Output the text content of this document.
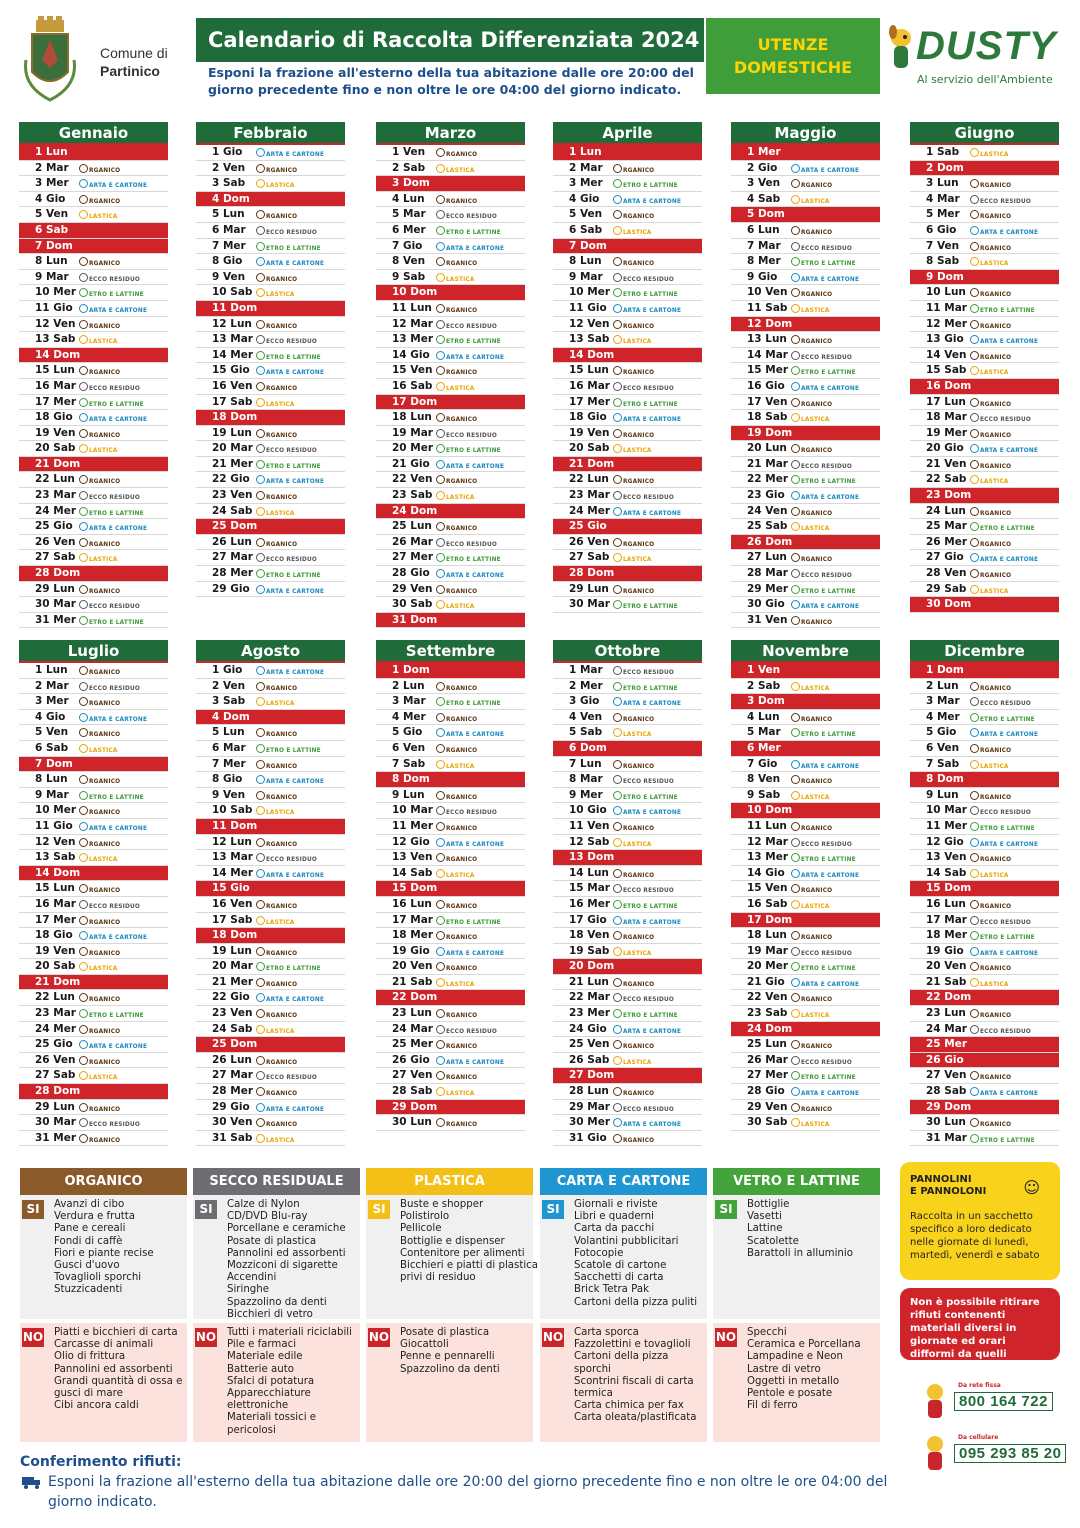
Comune di
Partinico
Calendario di Raccolta Differenziata 2024
Esponi la frazione all'esterno della tua abitazione dalle ore 20:00 del giorno precedente fino e non oltre le ore 04:00 del giorno indicato.
UTENZE DOMESTICHE	DUSTY
Al servizio dell'Ambiente
Gennaio
1 Lun
2 Mar	RGANICO
3 Mer	ARTA E CARTONE
4 Gio	RGANICO
5 Ven	LASTICA
6 Sab
7 Dom
8 Lun	RGANICO
9 Mar	ECCO RESIDUO
10 Mer	ETRO E LATTINE
11 Gio	ARTA E CARTONE
12 Ven	RGANICO
13 Sab	LASTICA
14 Dom
15 Lun	RGANICO
16 Mar	ECCO RESIDUO
17 Mer	ETRO E LATTINE
18 Gio	ARTA E CARTONE
19 Ven	RGANICO
20 Sab	LASTICA
21 Dom
22 Lun	RGANICO
23 Mar	ECCO RESIDUO
24 Mer	ETRO E LATTINE
25 Gio	ARTA E CARTONE
26 Ven	RGANICO
27 Sab	LASTICA
28 Dom
29 Lun	RGANICO
30 Mar	ECCO RESIDUO
31 Mer	ETRO E LATTINE
Febbraio
1 Gio	ARTA E CARTONE
2 Ven	RGANICO
3 Sab	LASTICA
4 Dom
5 Lun	RGANICO
6 Mar	ECCO RESIDUO
7 Mer	ETRO E LATTINE
8 Gio	ARTA E CARTONE
9 Ven	RGANICO
10 Sab	LASTICA
11 Dom
12 Lun	RGANICO
13 Mar	ECCO RESIDUO
14 Mer	ETRO E LATTINE
15 Gio	ARTA E CARTONE
16 Ven	RGANICO
17 Sab	LASTICA
18 Dom
19 Lun	RGANICO
20 Mar	ECCO RESIDUO
21 Mer	ETRO E LATTINE
22 Gio	ARTA E CARTONE
23 Ven	RGANICO
24 Sab	LASTICA
25 Dom
26 Lun	RGANICO
27 Mar	ECCO RESIDUO
28 Mer	ETRO E LATTINE
29 Gio	ARTA E CARTONE
Marzo
1 Ven	RGANICO
2 Sab	LASTICA
3 Dom
4 Lun	RGANICO
5 Mar	ECCO RESIDUO
6 Mer	ETRO E LATTINE
7 Gio	ARTA E CARTONE
8 Ven	RGANICO
9 Sab	LASTICA
10 Dom
11 Lun	RGANICO
12 Mar	ECCO RESIDUO
13 Mer	ETRO E LATTINE
14 Gio	ARTA E CARTONE
15 Ven	RGANICO
16 Sab	LASTICA
17 Dom
18 Lun	RGANICO
19 Mar	ECCO RESIDUO
20 Mer	ETRO E LATTINE
21 Gio	ARTA E CARTONE
22 Ven	RGANICO
23 Sab	LASTICA
24 Dom
25 Lun	RGANICO
26 Mar	ECCO RESIDUO
27 Mer	ETRO E LATTINE
28 Gio	ARTA E CARTONE
29 Ven	RGANICO
30 Sab	LASTICA
31 Dom
Aprile
1 Lun
2 Mar	RGANICO
3 Mer	ETRO E LATTINE
4 Gio	ARTA E CARTONE
5 Ven	RGANICO
6 Sab	LASTICA
7 Dom
8 Lun	RGANICO
9 Mar	ECCO RESIDUO
10 Mer	ETRO E LATTINE
11 Gio	ARTA E CARTONE
12 Ven	RGANICO
13 Sab	LASTICA
14 Dom
15 Lun	RGANICO
16 Mar	ECCO RESIDUO
17 Mer	ETRO E LATTINE
18 Gio	ARTA E CARTONE
19 Ven	RGANICO
20 Sab	LASTICA
21 Dom
22 Lun	RGANICO
23 Mar	ECCO RESIDUO
24 Mer	ARTA E CARTONE
25 Gio
26 Ven	RGANICO
27 Sab	LASTICA
28 Dom
29 Lun	RGANICO
30 Mar	ETRO E LATTINE
Maggio
1 Mer
2 Gio	ARTA E CARTONE
3 Ven	RGANICO
4 Sab	LASTICA
5 Dom
6 Lun	RGANICO
7 Mar	ECCO RESIDUO
8 Mer	ETRO E LATTINE
9 Gio	ARTA E CARTONE
10 Ven	RGANICO
11 Sab	LASTICA
12 Dom
13 Lun	RGANICO
14 Mar	ECCO RESIDUO
15 Mer	ETRO E LATTINE
16 Gio	ARTA E CARTONE
17 Ven	RGANICO
18 Sab	LASTICA
19 Dom
20 Lun	RGANICO
21 Mar	ECCO RESIDUO
22 Mer	ETRO E LATTINE
23 Gio	ARTA E CARTONE
24 Ven	RGANICO
25 Sab	LASTICA
26 Dom
27 Lun	RGANICO
28 Mar	ECCO RESIDUO
29 Mer	ETRO E LATTINE
30 Gio	ARTA E CARTONE
31 Ven	RGANICO
Giugno
1 Sab	LASTICA
2 Dom
3 Lun	RGANICO
4 Mar	ECCO RESIDUO
5 Mer	RGANICO
6 Gio	ARTA E CARTONE
7 Ven	RGANICO
8 Sab	LASTICA
9 Dom
10 Lun	RGANICO
11 Mar	ETRO E LATTINE
12 Mer	RGANICO
13 Gio	ARTA E CARTONE
14 Ven	RGANICO
15 Sab	LASTICA
16 Dom
17 Lun	RGANICO
18 Mar	ECCO RESIDUO
19 Mer	RGANICO
20 Gio	ARTA E CARTONE
21 Ven	RGANICO
22 Sab	LASTICA
23 Dom
24 Lun	RGANICO
25 Mar	ETRO E LATTINE
26 Mer	RGANICO
27 Gio	ARTA E CARTONE
28 Ven	RGANICO
29 Sab	LASTICA
30 Dom
Luglio
1 Lun	RGANICO
2 Mar	ECCO RESIDUO
3 Mer	RGANICO
4 Gio	ARTA E CARTONE
5 Ven	RGANICO
6 Sab	LASTICA
7 Dom
8 Lun	RGANICO
9 Mar	ETRO E LATTINE
10 Mer	RGANICO
11 Gio	ARTA E CARTONE
12 Ven	RGANICO
13 Sab	LASTICA
14 Dom
15 Lun	RGANICO
16 Mar	ECCO RESIDUO
17 Mer	RGANICO
18 Gio	ARTA E CARTONE
19 Ven	RGANICO
20 Sab	LASTICA
21 Dom
22 Lun	RGANICO
23 Mar	ETRO E LATTINE
24 Mer	RGANICO
25 Gio	ARTA E CARTONE
26 Ven	RGANICO
27 Sab	LASTICA
28 Dom
29 Lun	RGANICO
30 Mar	ECCO RESIDUO
31 Mer	RGANICO
Agosto
1 Gio	ARTA E CARTONE
2 Ven	RGANICO
3 Sab	LASTICA
4 Dom
5 Lun	RGANICO
6 Mar	ETRO E LATTINE
7 Mer	RGANICO
8 Gio	ARTA E CARTONE
9 Ven	RGANICO
10 Sab	LASTICA
11 Dom
12 Lun	RGANICO
13 Mar	ECCO RESIDUO
14 Mer	ARTA E CARTONE
15 Gio
16 Ven	RGANICO
17 Sab	LASTICA
18 Dom
19 Lun	RGANICO
20 Mar	ETRO E LATTINE
21 Mer	RGANICO
22 Gio	ARTA E CARTONE
23 Ven	RGANICO
24 Sab	LASTICA
25 Dom
26 Lun	RGANICO
27 Mar	ECCO RESIDUO
28 Mer	RGANICO
29 Gio	ARTA E CARTONE
30 Ven	RGANICO
31 Sab	LASTICA
Settembre
1 Dom
2 Lun	RGANICO
3 Mar	ETRO E LATTINE
4 Mer	RGANICO
5 Gio	ARTA E CARTONE
6 Ven	RGANICO
7 Sab	LASTICA
8 Dom
9 Lun	RGANICO
10 Mar	ECCO RESIDUO
11 Mer	RGANICO
12 Gio	ARTA E CARTONE
13 Ven	RGANICO
14 Sab	LASTICA
15 Dom
16 Lun	RGANICO
17 Mar	ETRO E LATTINE
18 Mer	RGANICO
19 Gio	ARTA E CARTONE
20 Ven	RGANICO
21 Sab	LASTICA
22 Dom
23 Lun	RGANICO
24 Mar	ECCO RESIDUO
25 Mer	RGANICO
26 Gio	ARTA E CARTONE
27 Ven	RGANICO
28 Sab	LASTICA
29 Dom
30 Lun	RGANICO
Ottobre
1 Mar	ECCO RESIDUO
2 Mer	ETRO E LATTINE
3 Gio	ARTA E CARTONE
4 Ven	RGANICO
5 Sab	LASTICA
6 Dom
7 Lun	RGANICO
8 Mar	ECCO RESIDUO
9 Mer	ETRO E LATTINE
10 Gio	ARTA E CARTONE
11 Ven	RGANICO
12 Sab	LASTICA
13 Dom
14 Lun	RGANICO
15 Mar	ECCO RESIDUO
16 Mer	ETRO E LATTINE
17 Gio	ARTA E CARTONE
18 Ven	RGANICO
19 Sab	LASTICA
20 Dom
21 Lun	RGANICO
22 Mar	ECCO RESIDUO
23 Mer	ETRO E LATTINE
24 Gio	ARTA E CARTONE
25 Ven	RGANICO
26 Sab	LASTICA
27 Dom
28 Lun	RGANICO
29 Mar	ECCO RESIDUO
30 Mer	ARTA E CARTONE
31 Gio	RGANICO
Novembre
1 Ven
2 Sab	LASTICA
3 Dom
4 Lun	RGANICO
5 Mar	ETRO E LATTINE
6 Mer
7 Gio	ARTA E CARTONE
8 Ven	RGANICO
9 Sab	LASTICA
10 Dom
11 Lun	RGANICO
12 Mar	ECCO RESIDUO
13 Mer	ETRO E LATTINE
14 Gio	ARTA E CARTONE
15 Ven	RGANICO
16 Sab	LASTICA
17 Dom
18 Lun	RGANICO
19 Mar	ECCO RESIDUO
20 Mer	ETRO E LATTINE
21 Gio	ARTA E CARTONE
22 Ven	RGANICO
23 Sab	LASTICA
24 Dom
25 Lun	RGANICO
26 Mar	ECCO RESIDUO
27 Mer	ETRO E LATTINE
28 Gio	ARTA E CARTONE
29 Ven	RGANICO
30 Sab	LASTICA
Dicembre
1 Dom
2 Lun	RGANICO
3 Mar	ECCO RESIDUO
4 Mer	ETRO E LATTINE
5 Gio	ARTA E CARTONE
6 Ven	RGANICO
7 Sab	LASTICA
8 Dom
9 Lun	RGANICO
10 Mar	ECCO RESIDUO
11 Mer	ETRO E LATTINE
12 Gio	ARTA E CARTONE
13 Ven	RGANICO
14 Sab	LASTICA
15 Dom
16 Lun	RGANICO
17 Mar	ECCO RESIDUO
18 Mer	ETRO E LATTINE
19 Gio	ARTA E CARTONE
20 Ven	RGANICO
21 Sab	LASTICA
22 Dom
23 Lun	RGANICO
24 Mar	ECCO RESIDUO
25 Mer
26 Gio
27 Ven	RGANICO
28 Sab	ARTA E CARTONE
29 Dom
30 Lun	RGANICO
31 Mar	ETRO E LATTINE
ORGANICO
SI	Avanzi di cibo
Verdura e frutta
Pane e cereali
Fondi di caffè
Fiori e piante recise
Gusci d'uovo
Tovaglioli sporchi
Stuzzicadenti
NO Piatti e bicchieri di carta
Carcasse di animali
Olio di frittura
Pannolini ed assorbenti
Grandi quantità di ossa e
gusci di mare
Cibi ancora caldi
SECCO RESIDUALE
SI	Calze di Nylon
CD/DVD Blu-ray
Porcellane e ceramiche
Posate di plastica
Pannolini ed assorbenti
Mozziconi di sigarette
Accendini
Siringhe
Spazzolino da denti
Bicchieri di vetro
NO Tutti i materiali riciclabili
Pile e farmaci
Materiale edile
Batterie auto
Sfalci di potatura
Apparecchiature
elettroniche
Materiali tossici e
pericolosi
PLASTICA
SI	Buste e shopper
Polistirolo
Pellicole
Bottiglie e dispenser
Contenitore per alimenti
Bicchieri e piatti di plastica
privi di residuo
NO Posate di plastica
Giocattoli
Penne e pennarelli
Spazzolino da denti
CARTA E CARTONE
SI	Giornali e riviste
Libri e quaderni
Carta da pacchi
Volantini pubblicitari
Fotocopie
Scatole di cartone
Sacchetti di carta
Brick Tetra Pak
Cartoni della pizza puliti
NO Carta sporca
Fazzolettini e tovaglioli
Cartoni della pizza
sporchi
Scontrini fiscali di carta
termica
Carta chimica per fax
Carta oleata/plastificata
VETRO E LATTINE
SI	Bottiglie
Vasetti
Lattine
Scatolette
Barattoli in alluminio
NO Specchi
Ceramica e Porcellana
Lampadine e Neon
Lastre di vetro
Oggetti in metallo
Pentole e posate
Fil di ferro
PANNOLINI
E PANNOLONI	☺
Raccolta in un sacchetto specifico a loro dedicato nelle giornate di lunedì, martedì, venerdì e sabato
Non è possibile ritirare rifiuti contenenti materiali diversi in giornate ed orari difformi da quelli indicati
Da rete fissa
800 164 722
Da cellulare
095 293 85 20
Conferimento rifiuti:
Esponi la frazione all'esterno della tua abitazione dalle ore 20:00 del giorno precedente fino e non oltre le ore 04:00 del giorno indicato.
